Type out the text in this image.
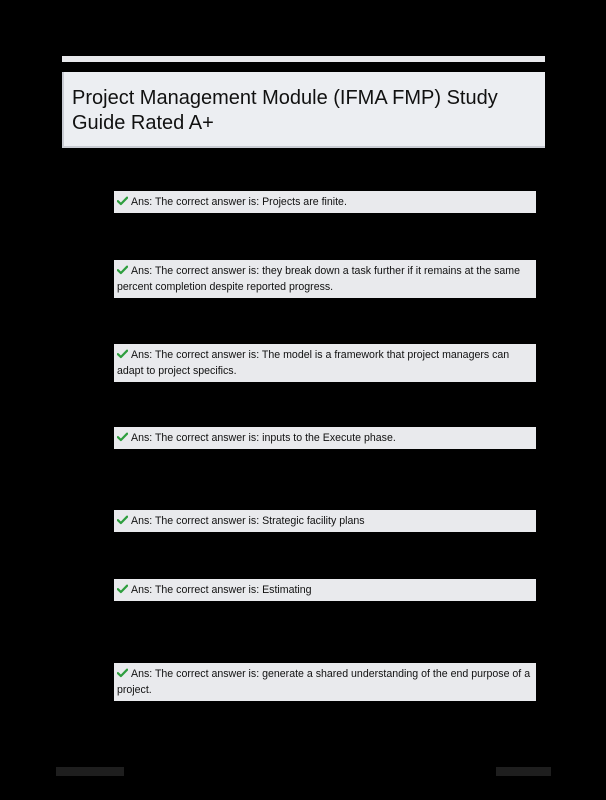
Project Management Module (IFMA FMP) Study Guide Rated A+
Ans: The correct answer is: Projects are finite.
Ans: The correct answer is: they break down a task further if it remains at the same percent completion despite reported progress.
Ans: The correct answer is: The model is a framework that project managers can adapt to project specifics.
Ans: The correct answer is: inputs to the Execute phase.
Ans: The correct answer is: Strategic facility plans
Ans: The correct answer is: Estimating
Ans: The correct answer is: generate a shared understanding of the end purpose of a project.
